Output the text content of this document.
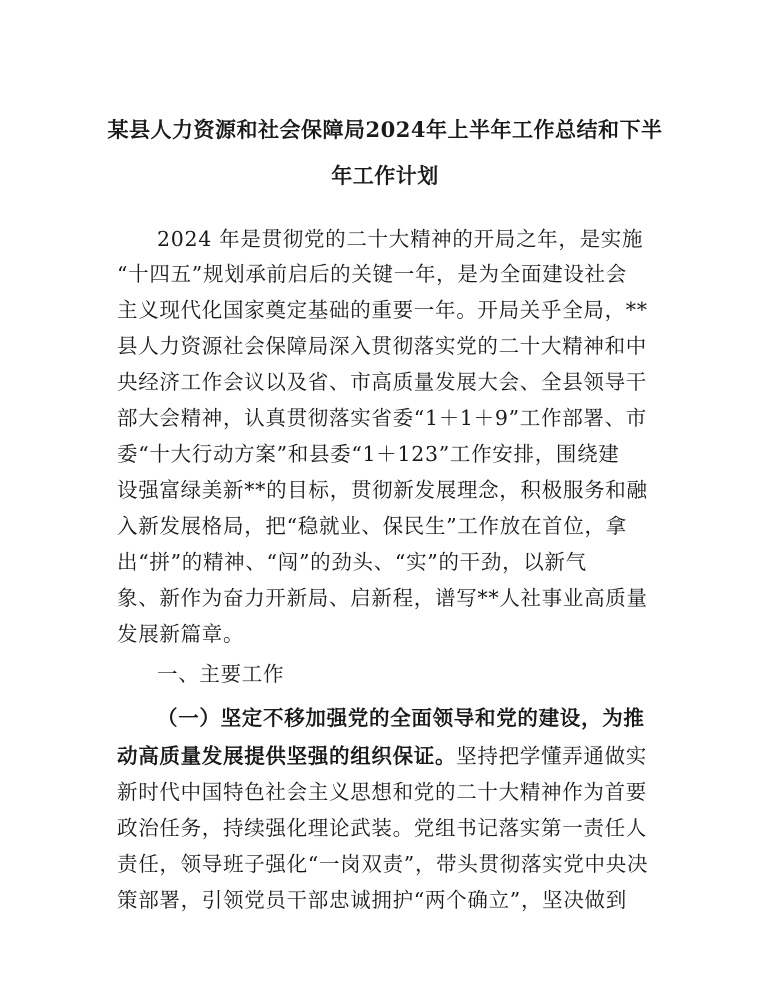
某县人力资源和社会保障局2024年上半年工作总结和下半
年工作计划
2024 年是贯彻党的二十大精神的开局之年，是实施
“十四五”规划承前启后的关键一年，是为全面建设社会
主义现代化国家奠定基础的重要一年。开局关乎全局，**
县人力资源社会保障局深入贯彻落实党的二十大精神和中
央经济工作会议以及省、市高质量发展大会、全县领导干
部大会精神，认真贯彻落实省委“1＋1＋9”工作部署、市
委“十大行动方案”和县委“1＋123”工作安排，围绕建
设强富绿美新**的目标，贯彻新发展理念，积极服务和融
入新发展格局，把“稳就业、保民生”工作放在首位，拿
出“拼”的精神、“闯”的劲头、“实”的干劲，以新气
象、新作为奋力开新局、启新程，谱写**人社事业高质量
发展新篇章。
一、主要工作
（一）坚定不移加强党的全面领导和党的建设，为推
动高质量发展提供坚强的组织保证。坚持把学懂弄通做实
新时代中国特色社会主义思想和党的二十大精神作为首要
政治任务，持续强化理论武装。党组书记落实第一责任人
责任，领导班子强化“一岗双责”，带头贯彻落实党中央决
策部署，引领党员干部忠诚拥护“两个确立”，坚决做到
